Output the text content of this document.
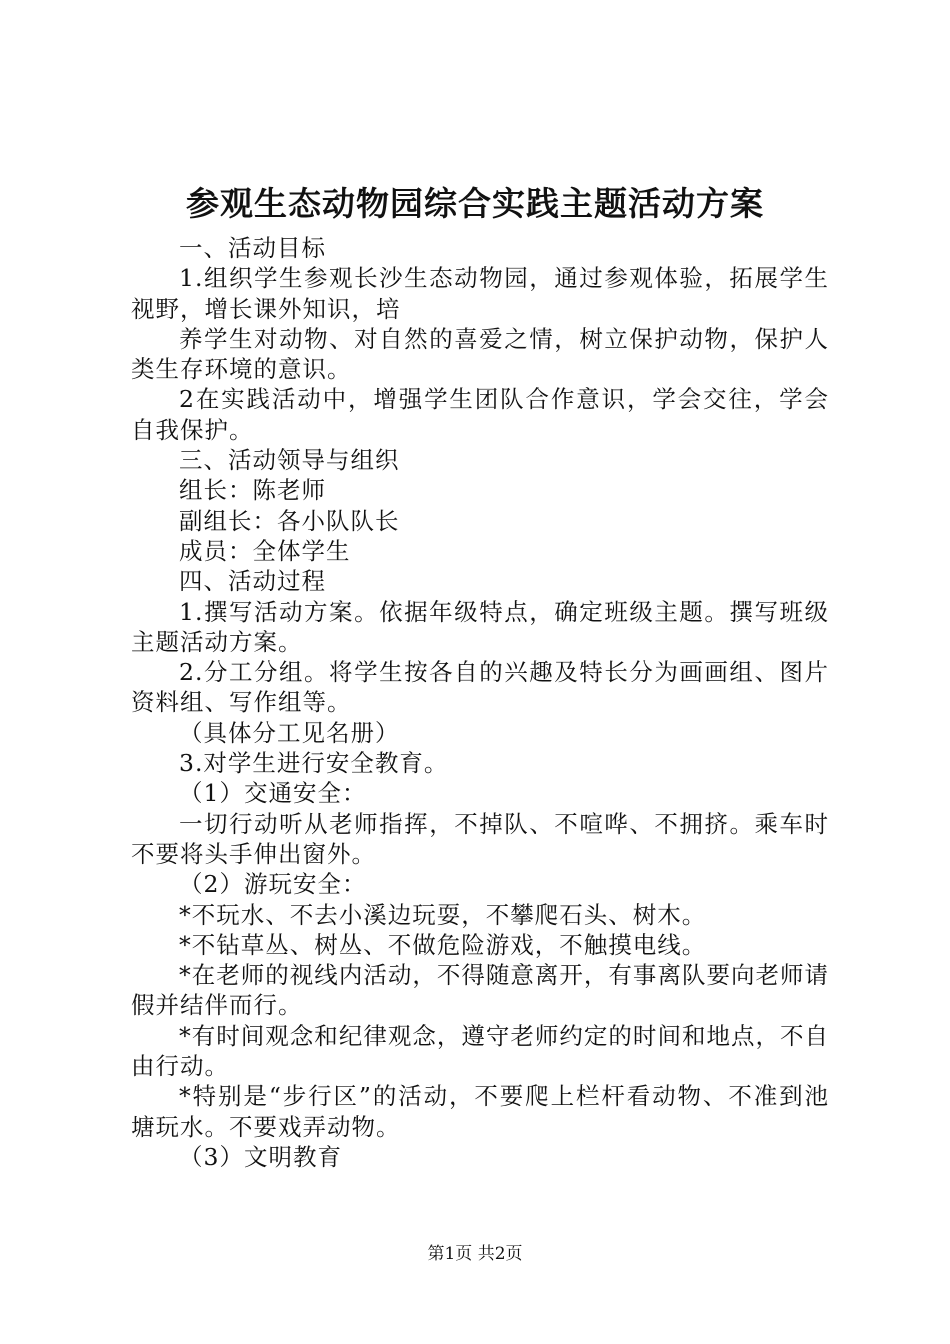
参观生态动物园综合实践主题活动方案

一、活动目标

1.组织学生参观长沙生态动物园，通过参观体验，拓展学生视野，增长课外知识，培

养学生对动物、对自然的喜爱之情，树立保护动物，保护人类生存环境的意识。

2在实践活动中，增强学生团队合作意识，学会交往，学会自我保护。

三、活动领导与组织

组长：陈老师

副组长：各小队队长

成员：全体学生

四、活动过程

1.撰写活动方案。依据年级特点，确定班级主题。撰写班级主题活动方案。

2.分工分组。将学生按各自的兴趣及特长分为画画组、图片资料组、写作组等。

（具体分工见名册）

3.对学生进行安全教育。

（1）交通安全：

一切行动听从老师指挥，不掉队、不喧哗、不拥挤。乘车时不要将头手伸出窗外。

（2）游玩安全：

*不玩水、不去小溪边玩耍，不攀爬石头、树木。

*不钻草丛、树丛、不做危险游戏，不触摸电线。

*在老师的视线内活动，不得随意离开，有事离队要向老师请假并结伴而行。

*有时间观念和纪律观念，遵守老师约定的时间和地点，不自由行动。

*特别是“步行区”的活动，不要爬上栏杆看动物、不准到池塘玩水。不要戏弄动物。

（3）文明教育

第1页 共2页
